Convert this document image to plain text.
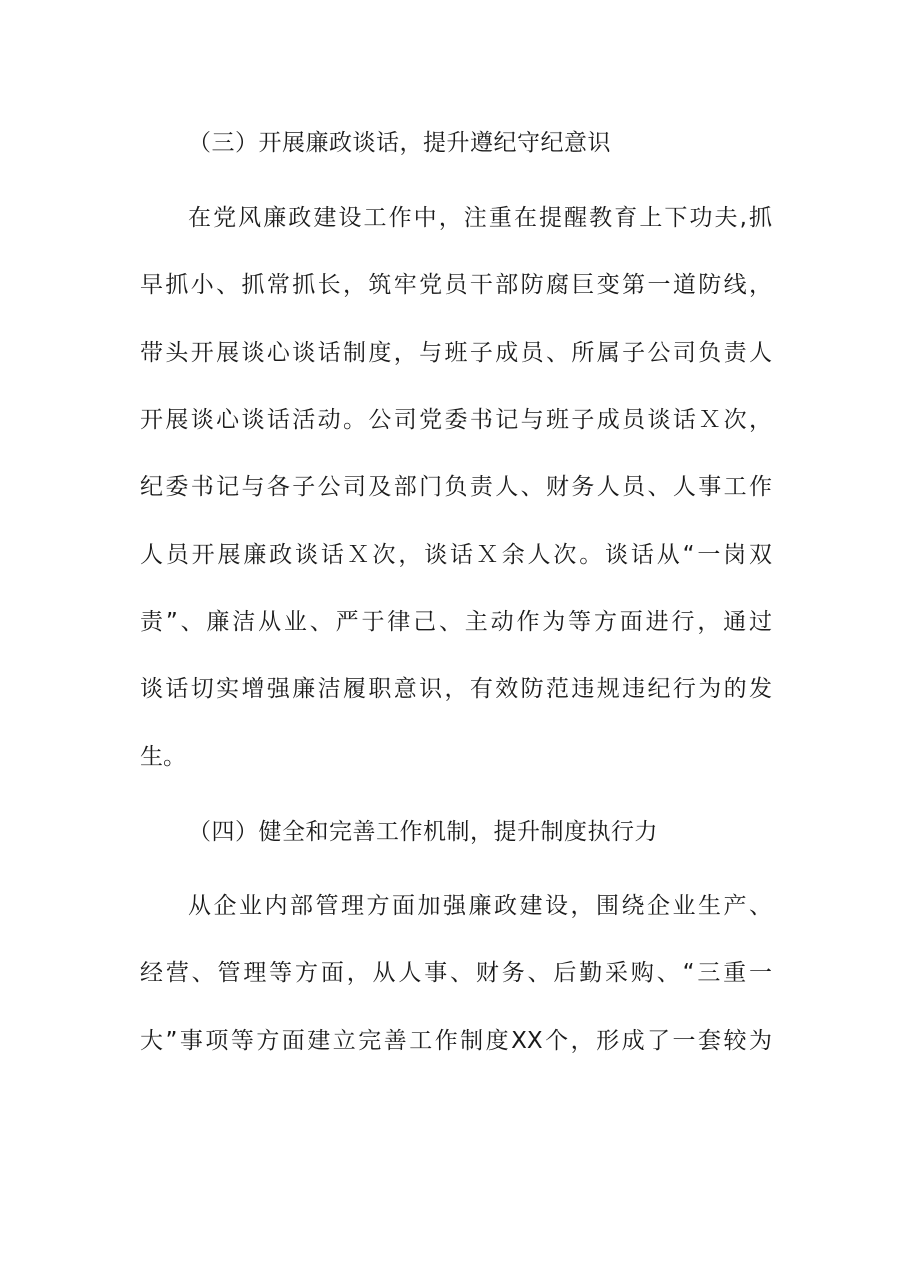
（三）开展廉政谈话，提升遵纪守纪意识
在党风廉政建设工作中，注重在提醒教育上下功夫,抓
早抓小、抓常抓长，筑牢党员干部防腐巨变第一道防线，
带头开展谈心谈话制度，与班子成员、所属子公司负责人
开展谈心谈话活动。公司党委书记与班子成员谈话Ｘ次，
纪委书记与各子公司及部门负责人、财务人员、人事工作
人员开展廉政谈话Ｘ次，谈话Ｘ余人次。谈话从“一岗双
责”、廉洁从业、严于律己、主动作为等方面进行，通过
谈话切实增强廉洁履职意识，有效防范违规违纪行为的发
生。
（四）健全和完善工作机制，提升制度执行力
从企业内部管理方面加强廉政建设，围绕企业生产、
经营、管理等方面，从人事、财务、后勤采购、“三重一
大”事项等方面建立完善工作制度XX个，形成了一套较为
